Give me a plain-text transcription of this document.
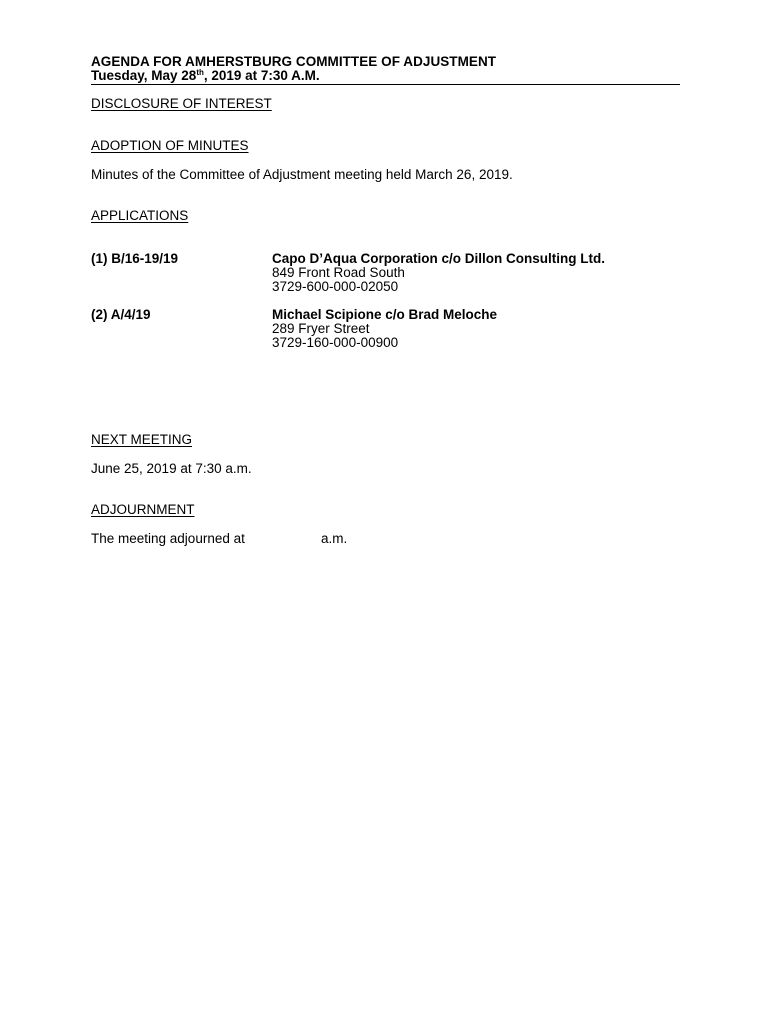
AGENDA FOR AMHERSTBURG COMMITTEE OF ADJUSTMENT
Tuesday, May 28th, 2019 at 7:30 A.M.
DISCLOSURE OF INTEREST
ADOPTION OF MINUTES
Minutes of the Committee of Adjustment meeting held March 26, 2019.
APPLICATIONS
(1) B/16-19/19	Capo D’Aqua Corporation c/o Dillon Consulting Ltd.
849 Front Road South
3729-600-000-02050
(2) A/4/19	Michael Scipione c/o Brad Meloche
289 Fryer Street
3729-160-000-00900
NEXT MEETING
June 25, 2019 at 7:30 a.m.
ADJOURNMENT
The meeting adjourned at	a.m.
